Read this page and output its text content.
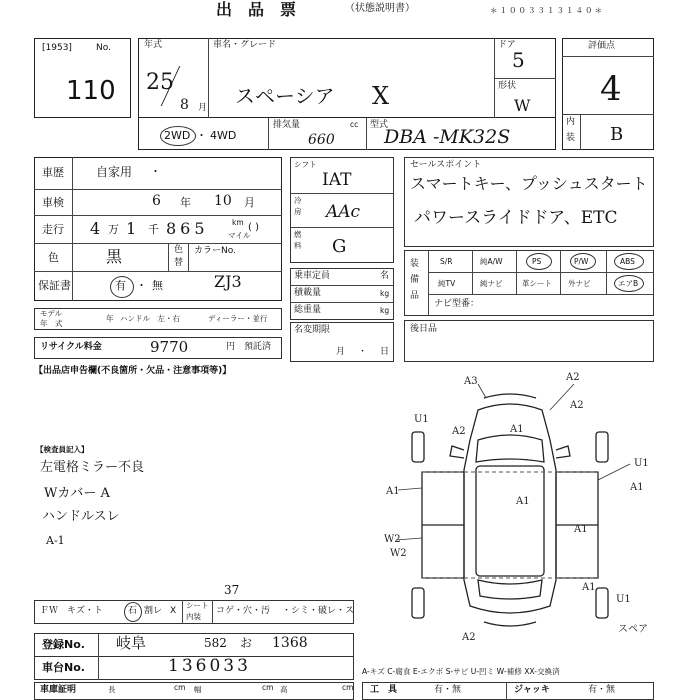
出　品　票	（状態説明書）	＊１００３３１３１４０＊
[1953]	No.
110
年式
25
8 月
車名・グレード
スペーシア X
ドア
5
形状
W
2WD ・ 4WD
排気量	cc
660
型式
DBA -MK32S
評価点
4
内
装 B
車歴	自家用 ・
車検	6 年 10 月
走行 4 万 1 千 865	km
マイル
( )
色	黒	色
替
カラーNo.
保証書	有 ・ 無	ZJ3
モデル
年　式
年 ハンドル　左・右	ディーラー・並行
リサイクル料金	9770	円 預託済
シフト
IAT
冷
房 AAc
燃
料 G
乗車定員	名
積載量	kg
総重量	kg
名変期限
月 ・ 日
セールスポイント
スマートキー、プッシュスタート
パワースライドドア、ETC
装
備
品
S/R	純A/W	PS	P/W	ABS
純TV	純ナビ	革シート 外ナビ	エアB
ナビ型番：
後日品
【出品店申告欄(不良箇所・欠品・注意事項等)】
【検査員記入】
左電格ミラー不良
Wカバー A
ハンドルスレ
A-1
A3	A2
A2
U1
A1
A2
A1
U1
A1
A1
A1
W2
W2
U1
A2
A1
スペア
ＦＷ　キズ・ト	石 割レ X
シート
内装
コゲ・穴・汚 ・シミ・破レ・ス
37
登録No. 岐阜	582 お 1368
車台No.	136033	A-キズ C-腐食 E-エクボ S-サビ U-凹ミ W-補修 XX-交換済
車庫証明	長	cm 幅	cm 高	cm 工　具	有・無	ジャッキ	有・無
